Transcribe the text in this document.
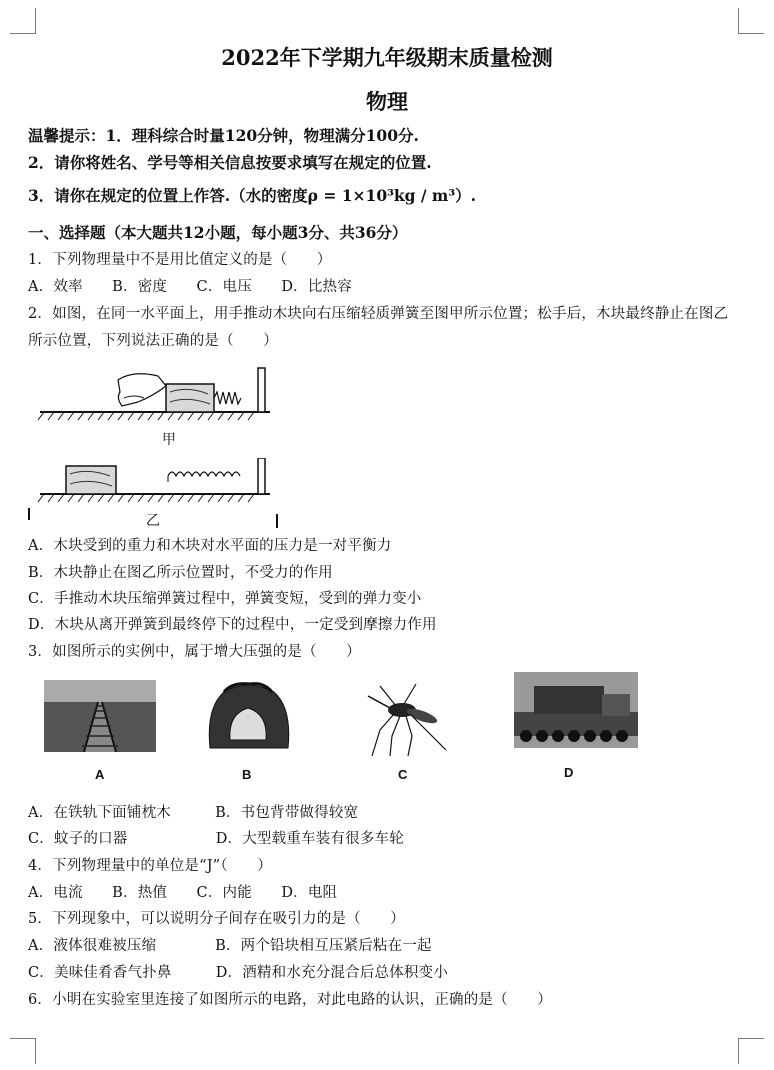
2022年下学期九年级期末质量检测
物理
温馨提示：1．理科综合时量120分钟，物理满分100分.
2．请你将姓名、学号等相关信息按要求填写在规定的位置.
3．请你在规定的位置上作答.（水的密度ρ = 1×10³kg / m³）.
一、选择题（本大题共12小题，每小题3分、共36分）
1．下列物理量中不是用比值定义的是（　　）
A．效率　　B．密度　　C．电压　　D．比热容
2．如图，在同一水平面上，用手推动木块向右压缩轻质弹簧至图甲所示位置；松手后，木块最终静止在图乙
所示位置，下列说法正确的是（　　）
甲
乙
A．木块受到的重力和木块对水平面的压力是一对平衡力
B．木块静止在图乙所示位置时，不受力的作用
C．手推动木块压缩弹簧过程中，弹簧变短，受到的弹力变小
D．木块从离开弹簧到最终停下的过程中，一定受到摩擦力作用
3．如图所示的实例中，属于增大压强的是（　　）
A	B	C	D
A．在铁轨下面铺枕木　　　B．书包背带做得较宽
C．蚊子的口器　　　　　　D．大型载重车装有很多车轮
4．下列物理量中的单位是“J”（　　）
A．电流　　B．热值　　C．内能　　D．电阻
5．下列现象中，可以说明分子间存在吸引力的是（　　）
A．液体很难被压缩　　　　B．两个铅块相互压紧后粘在一起
C．美味佳肴香气扑鼻　　　D．酒精和水充分混合后总体积变小
6．小明在实验室里连接了如图所示的电路，对此电路的认识，正确的是（　　）
